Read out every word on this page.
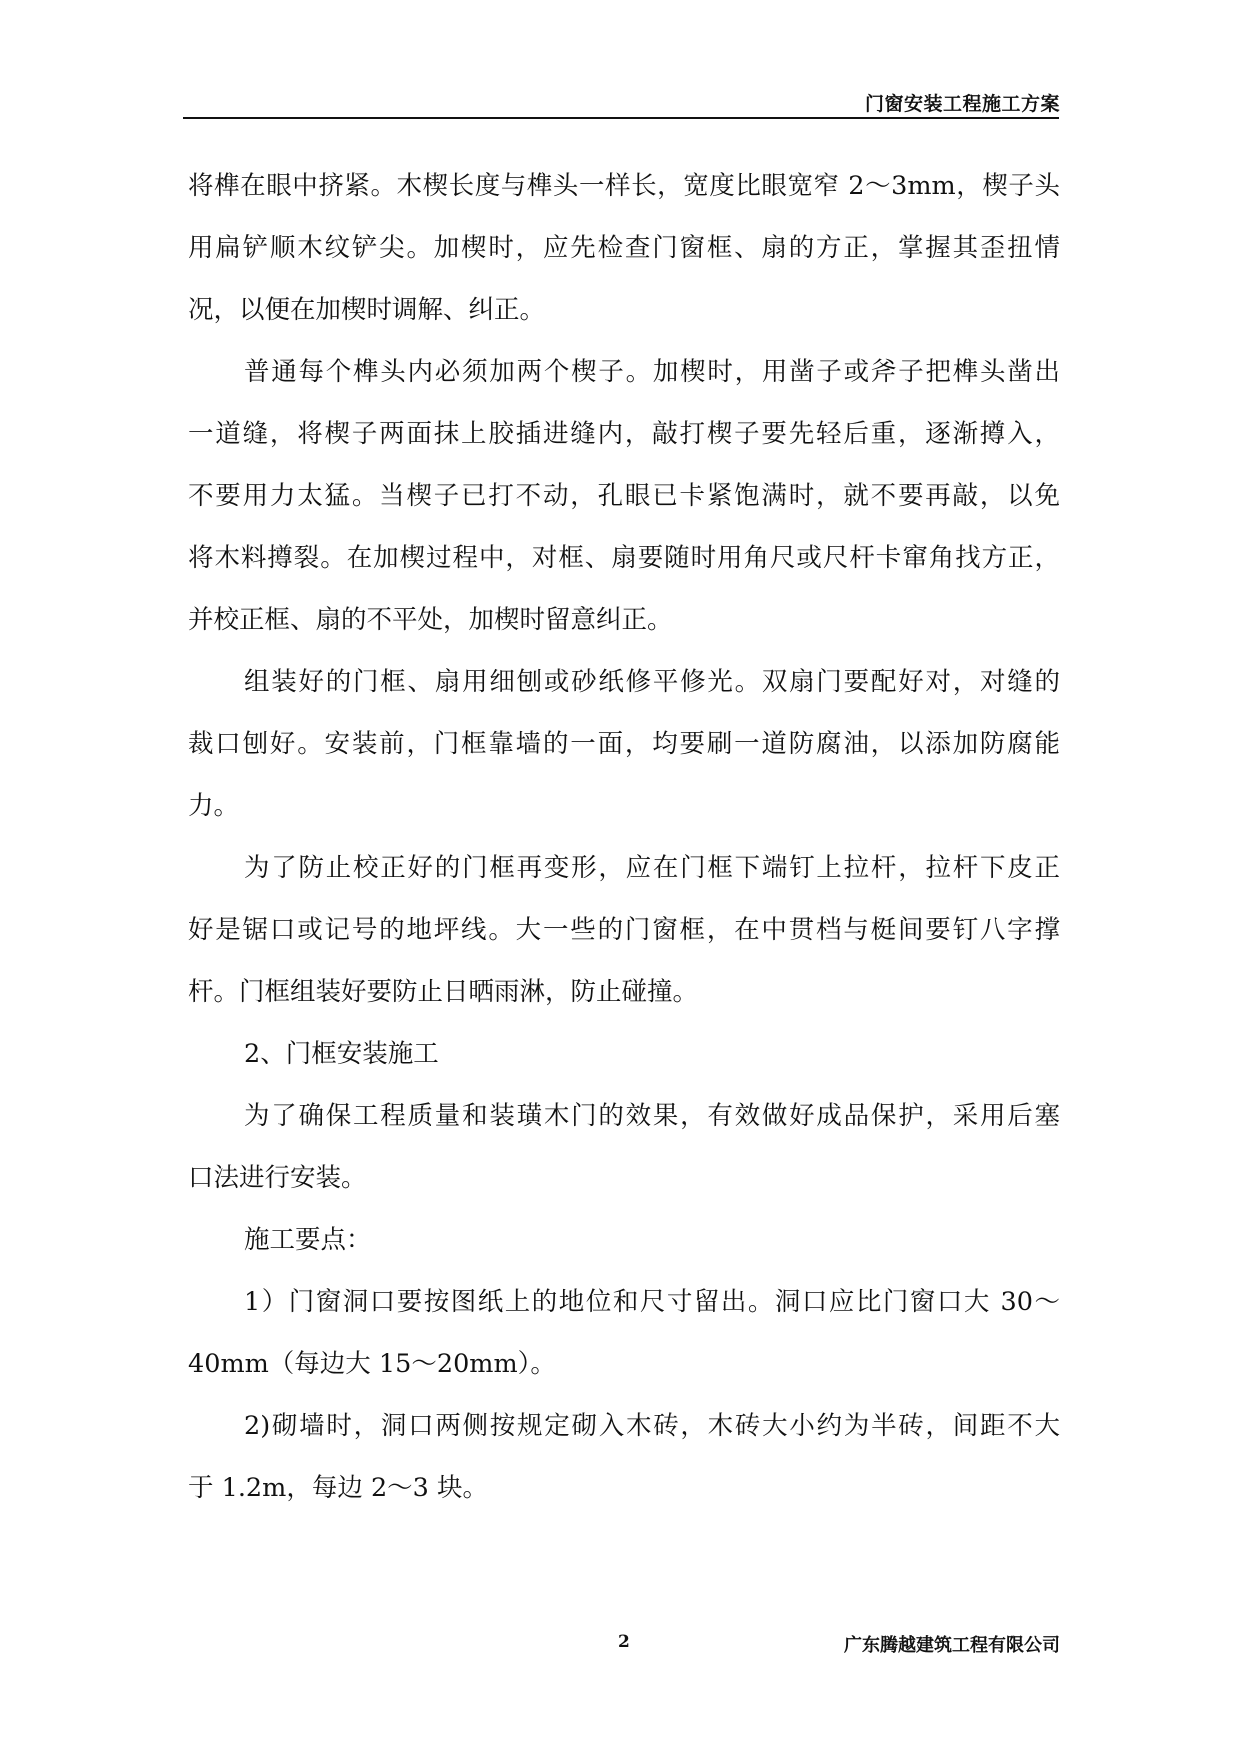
门窗安装工程施工方案
将榫在眼中挤紧。木楔长度与榫头一样长，宽度比眼宽窄 2～3mm，楔子头
用扁铲顺木纹铲尖。加楔时，应先检查门窗框、扇的方正，掌握其歪扭情
况，以便在加楔时调解、纠正。
普通每个榫头内必须加两个楔子。加楔时，用凿子或斧子把榫头凿出
一道缝，将楔子两面抹上胶插进缝内，敲打楔子要先轻后重，逐渐撙入，
不要用力太猛。当楔子已打不动，孔眼已卡紧饱满时，就不要再敲，以免
将木料撙裂。在加楔过程中，对框、扇要随时用角尺或尺杆卡窜角找方正，
并校正框、扇的不平处，加楔时留意纠正。
组装好的门框、扇用细刨或砂纸修平修光。双扇门要配好对，对缝的
裁口刨好。安装前，门框靠墙的一面，均要刷一道防腐油，以添加防腐能
力。
为了防止校正好的门框再变形，应在门框下端钉上拉杆，拉杆下皮正
好是锯口或记号的地坪线。大一些的门窗框，在中贯档与梃间要钉八字撑
杆。门框组装好要防止日晒雨淋，防止碰撞。
2、门框安装施工
为了确保工程质量和装璜木门的效果，有效做好成品保护，采用后塞
口法进行安装。
施工要点：
1）门窗洞口要按图纸上的地位和尺寸留出。洞口应比门窗口大 30～
40mm（每边大 15～20mm）。
2)砌墙时，洞口两侧按规定砌入木砖，木砖大小约为半砖，间距不大
于 1.2m，每边 2～3 块。
2	广东腾越建筑工程有限公司
